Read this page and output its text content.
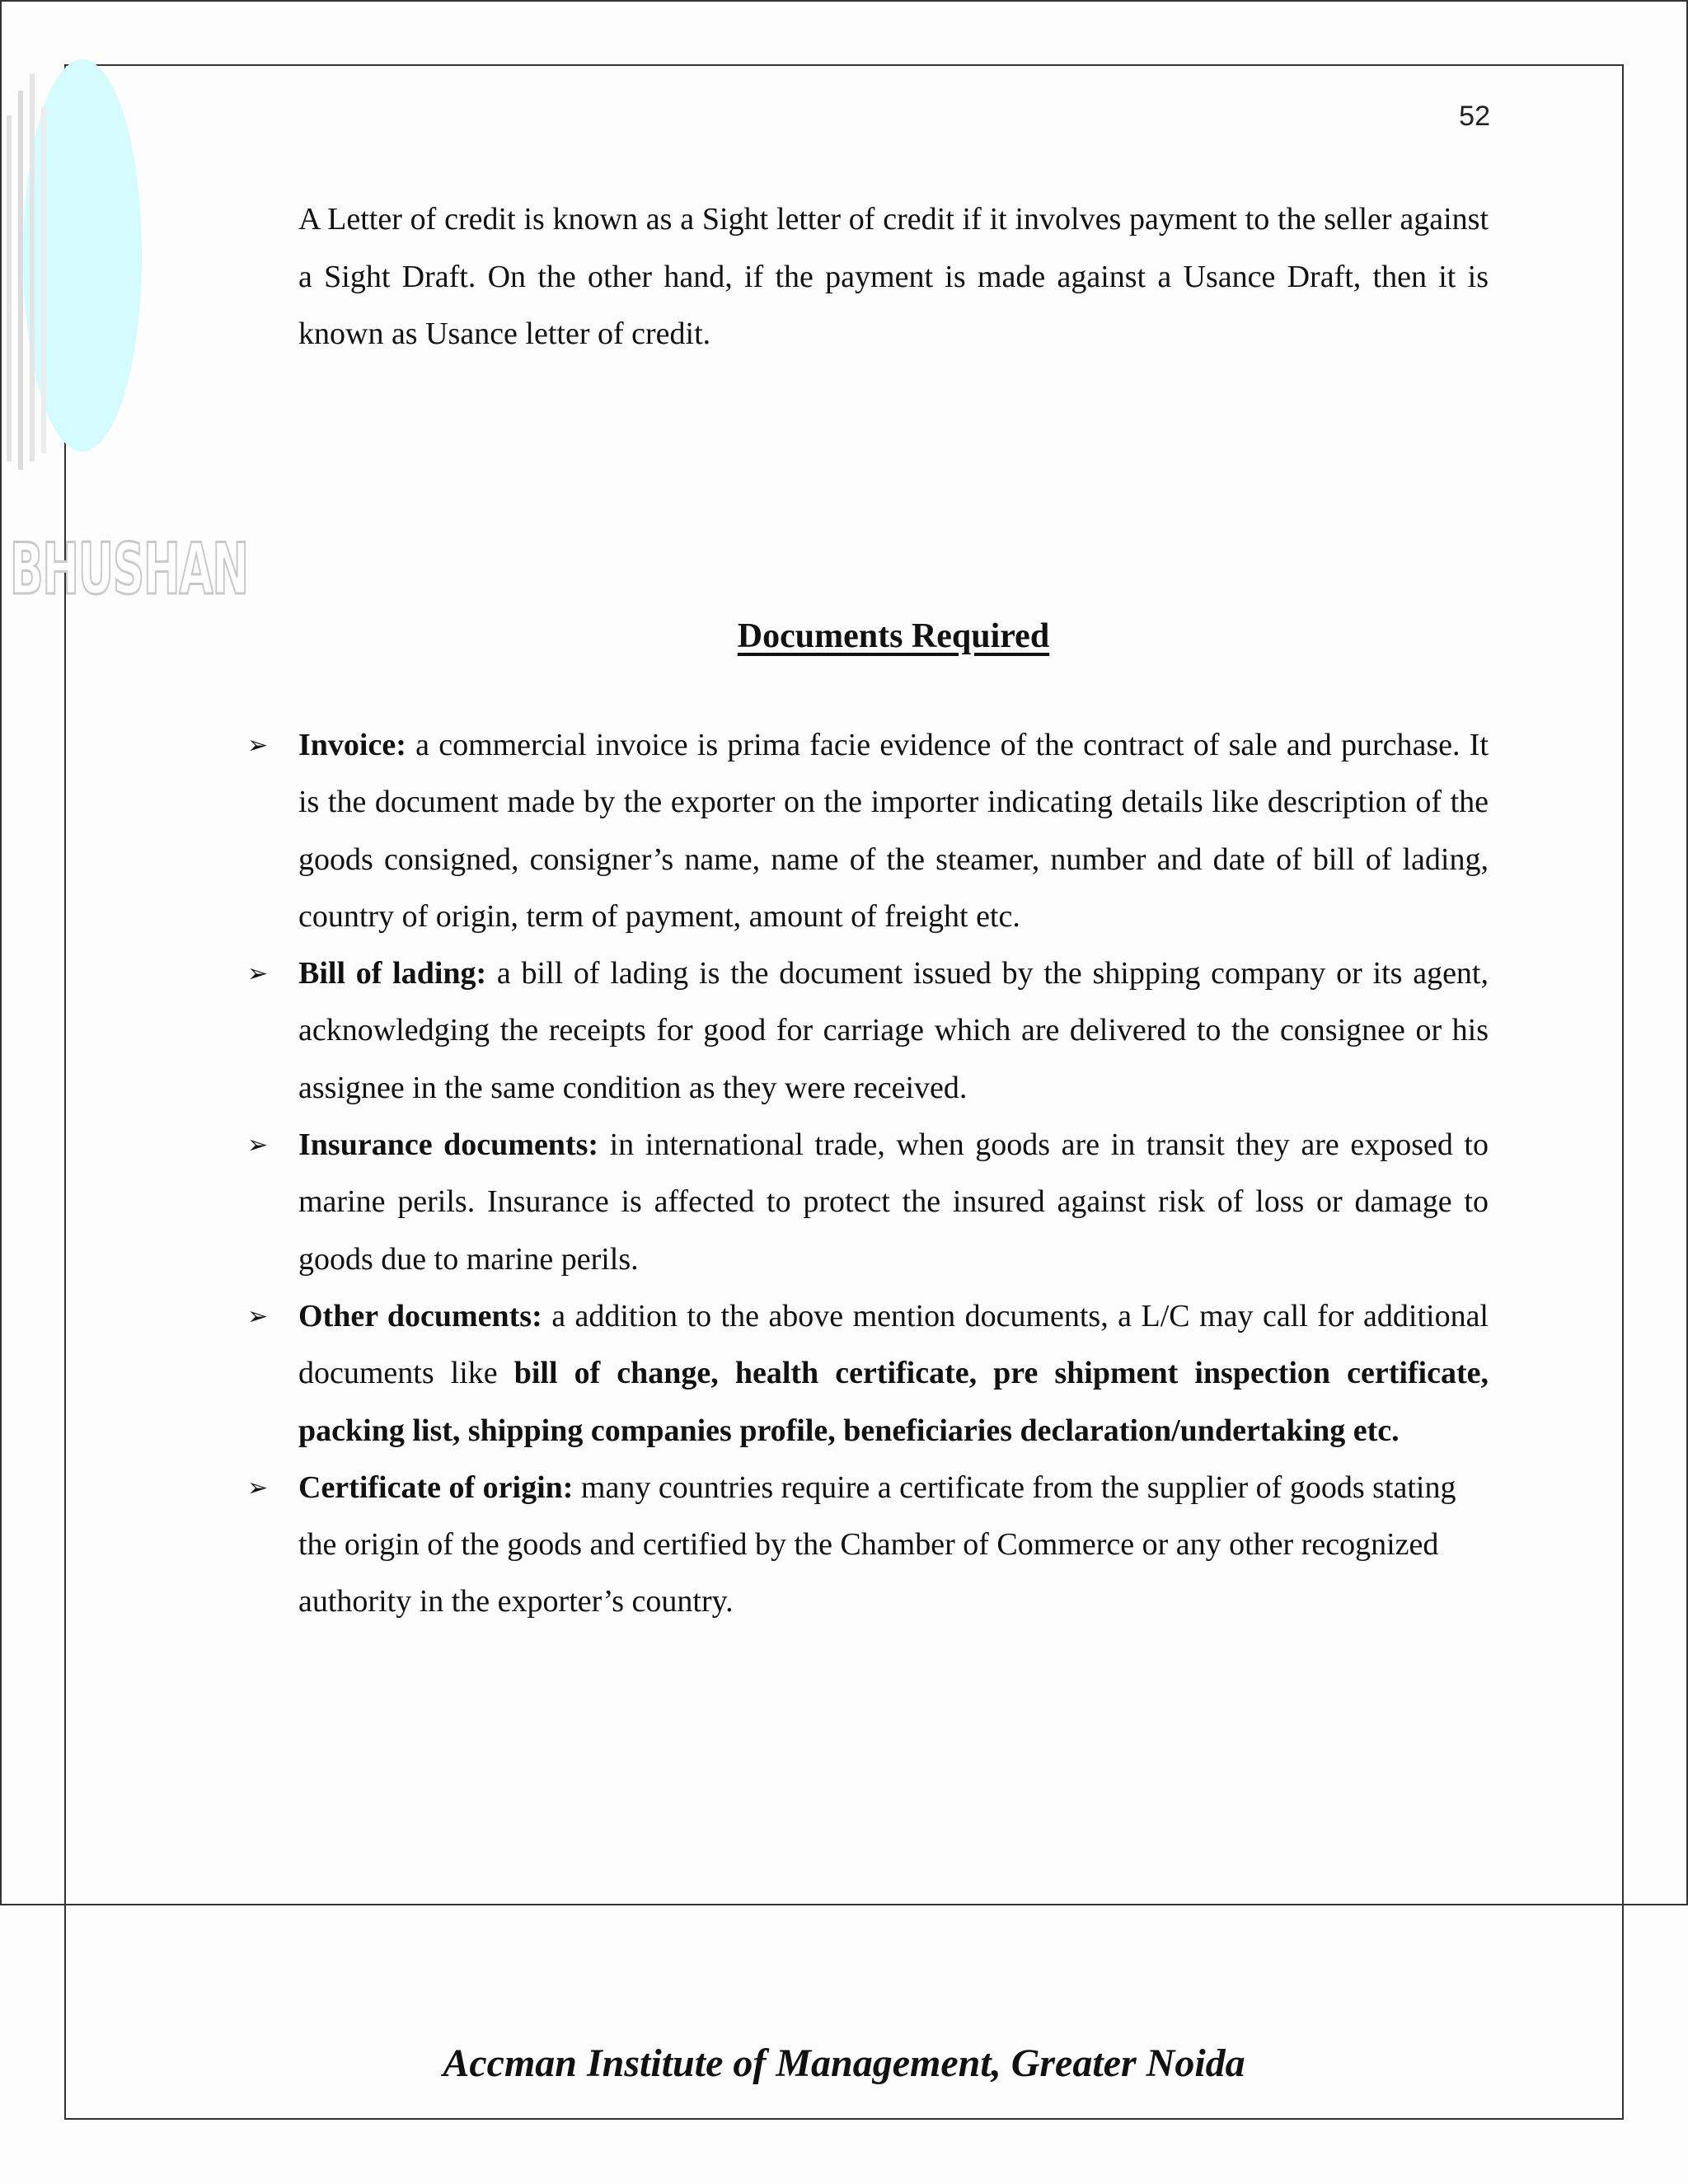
BHUSHAN
52

A Letter of credit is known as a Sight letter of credit if it involves payment to the seller against a Sight Draft. On the other hand, if the payment is made against a Usance Draft, then it is known as Usance letter of credit.

Documents Required
➢ Invoice: a commercial invoice is prima facie evidence of the contract of sale and purchase. It is the document made by the exporter on the importer indicating details like description of the goods consigned, consigner’s name, name of the steamer, number and date of bill of lading, country of origin, term of payment, amount of freight etc.
➢ Bill of lading: a bill of lading is the document issued by the shipping company or its agent, acknowledging the receipts for good for carriage which are delivered to the consignee or his assignee in the same condition as they were received.
➢ Insurance documents: in international trade, when goods are in transit they are exposed to marine perils. Insurance is affected to protect the insured against risk of loss or damage to goods due to marine perils.
➢ Other documents: a addition to the above mention documents, a L/C may call for additional documents like bill of change, health certificate, pre shipment inspection certificate, packing list, shipping companies profile, beneficiaries declaration/undertaking etc.
➢ Certificate of origin: many countries require a certificate from the supplier of goods stating the origin of the goods and certified by the Chamber of Commerce or any other recognized authority in the exporter’s country.
Accman Institute of Management, Greater Noida
